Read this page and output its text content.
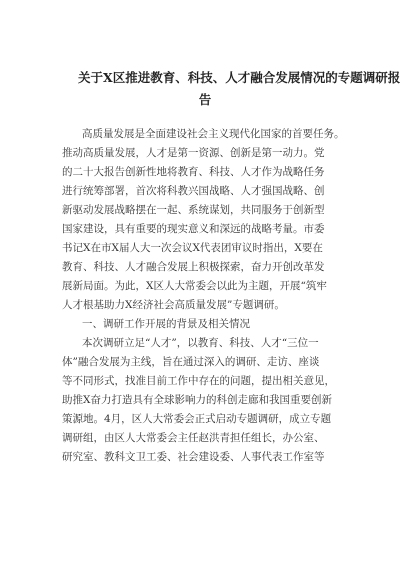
关于X区推进教育、科技、人才融合发展情况的专题调研报
告
高质量发展是全面建设社会主义现代化国家的首要任务。
推动高质量发展，人才是第一资源、创新是第一动力。党
的二十大报告创新性地将教育、科技、人才作为战略任务
进行统筹部署，首次将科教兴国战略、人才强国战略、创
新驱动发展战略摆在一起、系统谋划，共同服务于创新型
国家建设，具有重要的现实意义和深远的战略考量。市委
书记X在市X届人大一次会议X代表团审议时指出，X要在
教育、科技、人才融合发展上积极探索，奋力开创改革发
展新局面。为此，X区人大常委会以此为主题，开展“筑牢
人才根基助力X经济社会高质量发展”专题调研。
一、调研工作开展的背景及相关情况
本次调研立足“人才”，以教育、科技、人才“三位一
体”融合发展为主线，旨在通过深入的调研、走访、座谈
等不同形式，找准目前工作中存在的问题，提出相关意见，
助推X奋力打造具有全球影响力的科创走廊和我国重要创新
策源地。4月，区人大常委会正式启动专题调研，成立专题
调研组，由区人大常委会主任赵洪青担任组长，办公室、
研究室、教科文卫工委、社会建设委、人事代表工作室等
